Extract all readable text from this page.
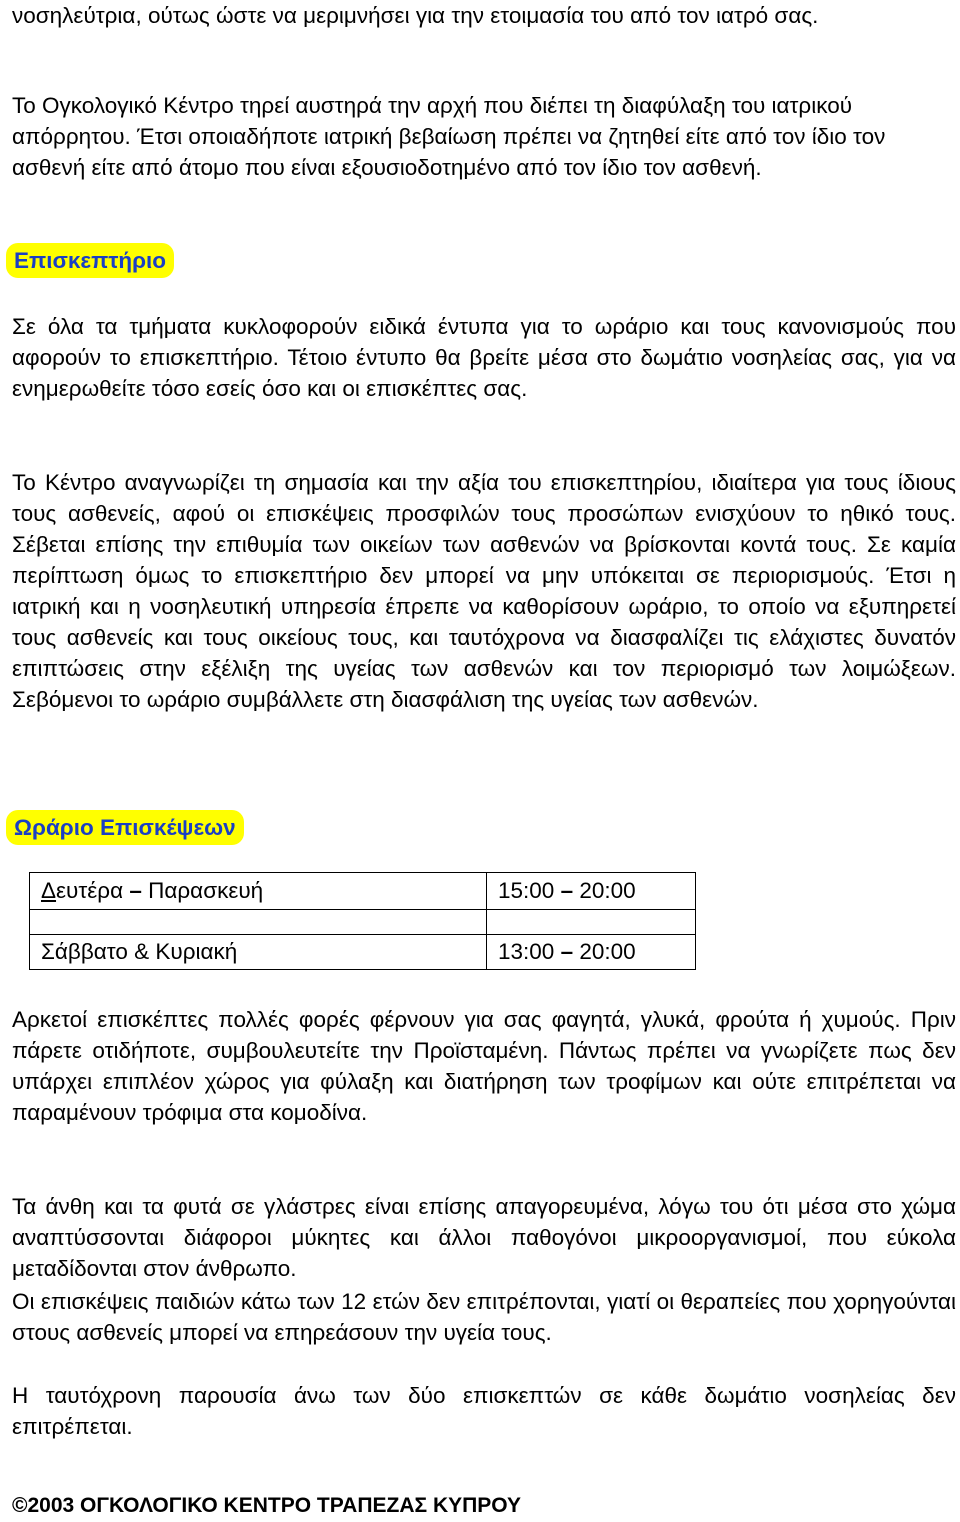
νοσηλεύτρια, ούτως ώστε να μεριμνήσει για την ετοιμασία του από τον ιατρό σας.

Το Ογκολογικό Κέντρο τηρεί αυστηρά την αρχή που διέπει τη διαφύλαξη του ιατρικού απόρρητου. Έτσι οποιαδήποτε ιατρική βεβαίωση πρέπει να ζητηθεί είτε από τον ίδιο τον ασθενή είτε από άτομο που είναι εξουσιοδοτημένο από τον ίδιο τον ασθενή.

Επισκεπτήριο

Σε όλα τα τμήματα κυκλοφορούν ειδικά έντυπα για το ωράριο και τους κανονισμούς που αφορούν το επισκεπτήριο. Τέτοιο έντυπο θα βρείτε μέσα στο δωμάτιο νοσηλείας σας, για να ενημερωθείτε τόσο εσείς όσο και οι επισκέπτες σας.

Το Κέντρο αναγνωρίζει τη σημασία και την αξία του επισκεπτηρίου, ιδιαίτερα για τους ίδιους τους ασθενείς, αφού οι επισκέψεις προσφιλών τους προσώπων ενισχύουν το ηθικό τους. Σέβεται επίσης την επιθυμία των οικείων των ασθενών να βρίσκονται κοντά τους. Σε καμία περίπτωση όμως το επισκεπτήριο δεν μπορεί να μην υπόκειται σε περιορισμούς. Έτσι η ιατρική και η νοσηλευτική υπηρεσία έπρεπε να καθορίσουν ωράριο, το οποίο να εξυπηρετεί τους ασθενείς και τους οικείους τους, και ταυτόχρονα να διασφαλίζει τις ελάχιστες δυνατόν επιπτώσεις στην εξέλιξη της υγείας των ασθενών και τον περιορισμό των λοιμώξεων. Σεβόμενοι το ωράριο συμβάλλετε στη διασφάλιση της υγείας των ασθενών.

Ωράριο Επισκέψεων
Δευτέρα – Παρασκευή	15:00 – 20:00

Σάββατο & Κυριακή	13:00 – 20:00

Αρκετοί επισκέπτες πολλές φορές φέρνουν για σας φαγητά, γλυκά, φρούτα ή χυμούς. Πριν πάρετε οτιδήποτε, συμβουλευτείτε την Προϊσταμένη. Πάντως πρέπει να γνωρίζετε πως δεν υπάρχει επιπλέον χώρος για φύλαξη και διατήρηση των τροφίμων και ούτε επιτρέπεται να παραμένουν τρόφιμα στα κομοδίνα.

Τα άνθη και τα φυτά σε γλάστρες είναι επίσης απαγορευμένα, λόγω του ότι μέσα στο χώμα αναπτύσσονται διάφοροι μύκητες και άλλοι παθογόνοι μικροοργανισμοί, που εύκολα μεταδίδονται στον άνθρωπο.

Οι επισκέψεις παιδιών κάτω των 12 ετών δεν επιτρέπονται, γιατί οι θεραπείες που χορηγούνται στους ασθενείς μπορεί να επηρεάσουν την υγεία τους.

Η ταυτόχρονη παρουσία άνω των δύο επισκεπτών σε κάθε δωμάτιο νοσηλείας δεν επιτρέπεται.

©2003 ΟΓΚΟΛΟΓΙΚΟ ΚΕΝΤΡΟ ΤΡΑΠΕΖΑΣ ΚΥΠΡΟΥ
